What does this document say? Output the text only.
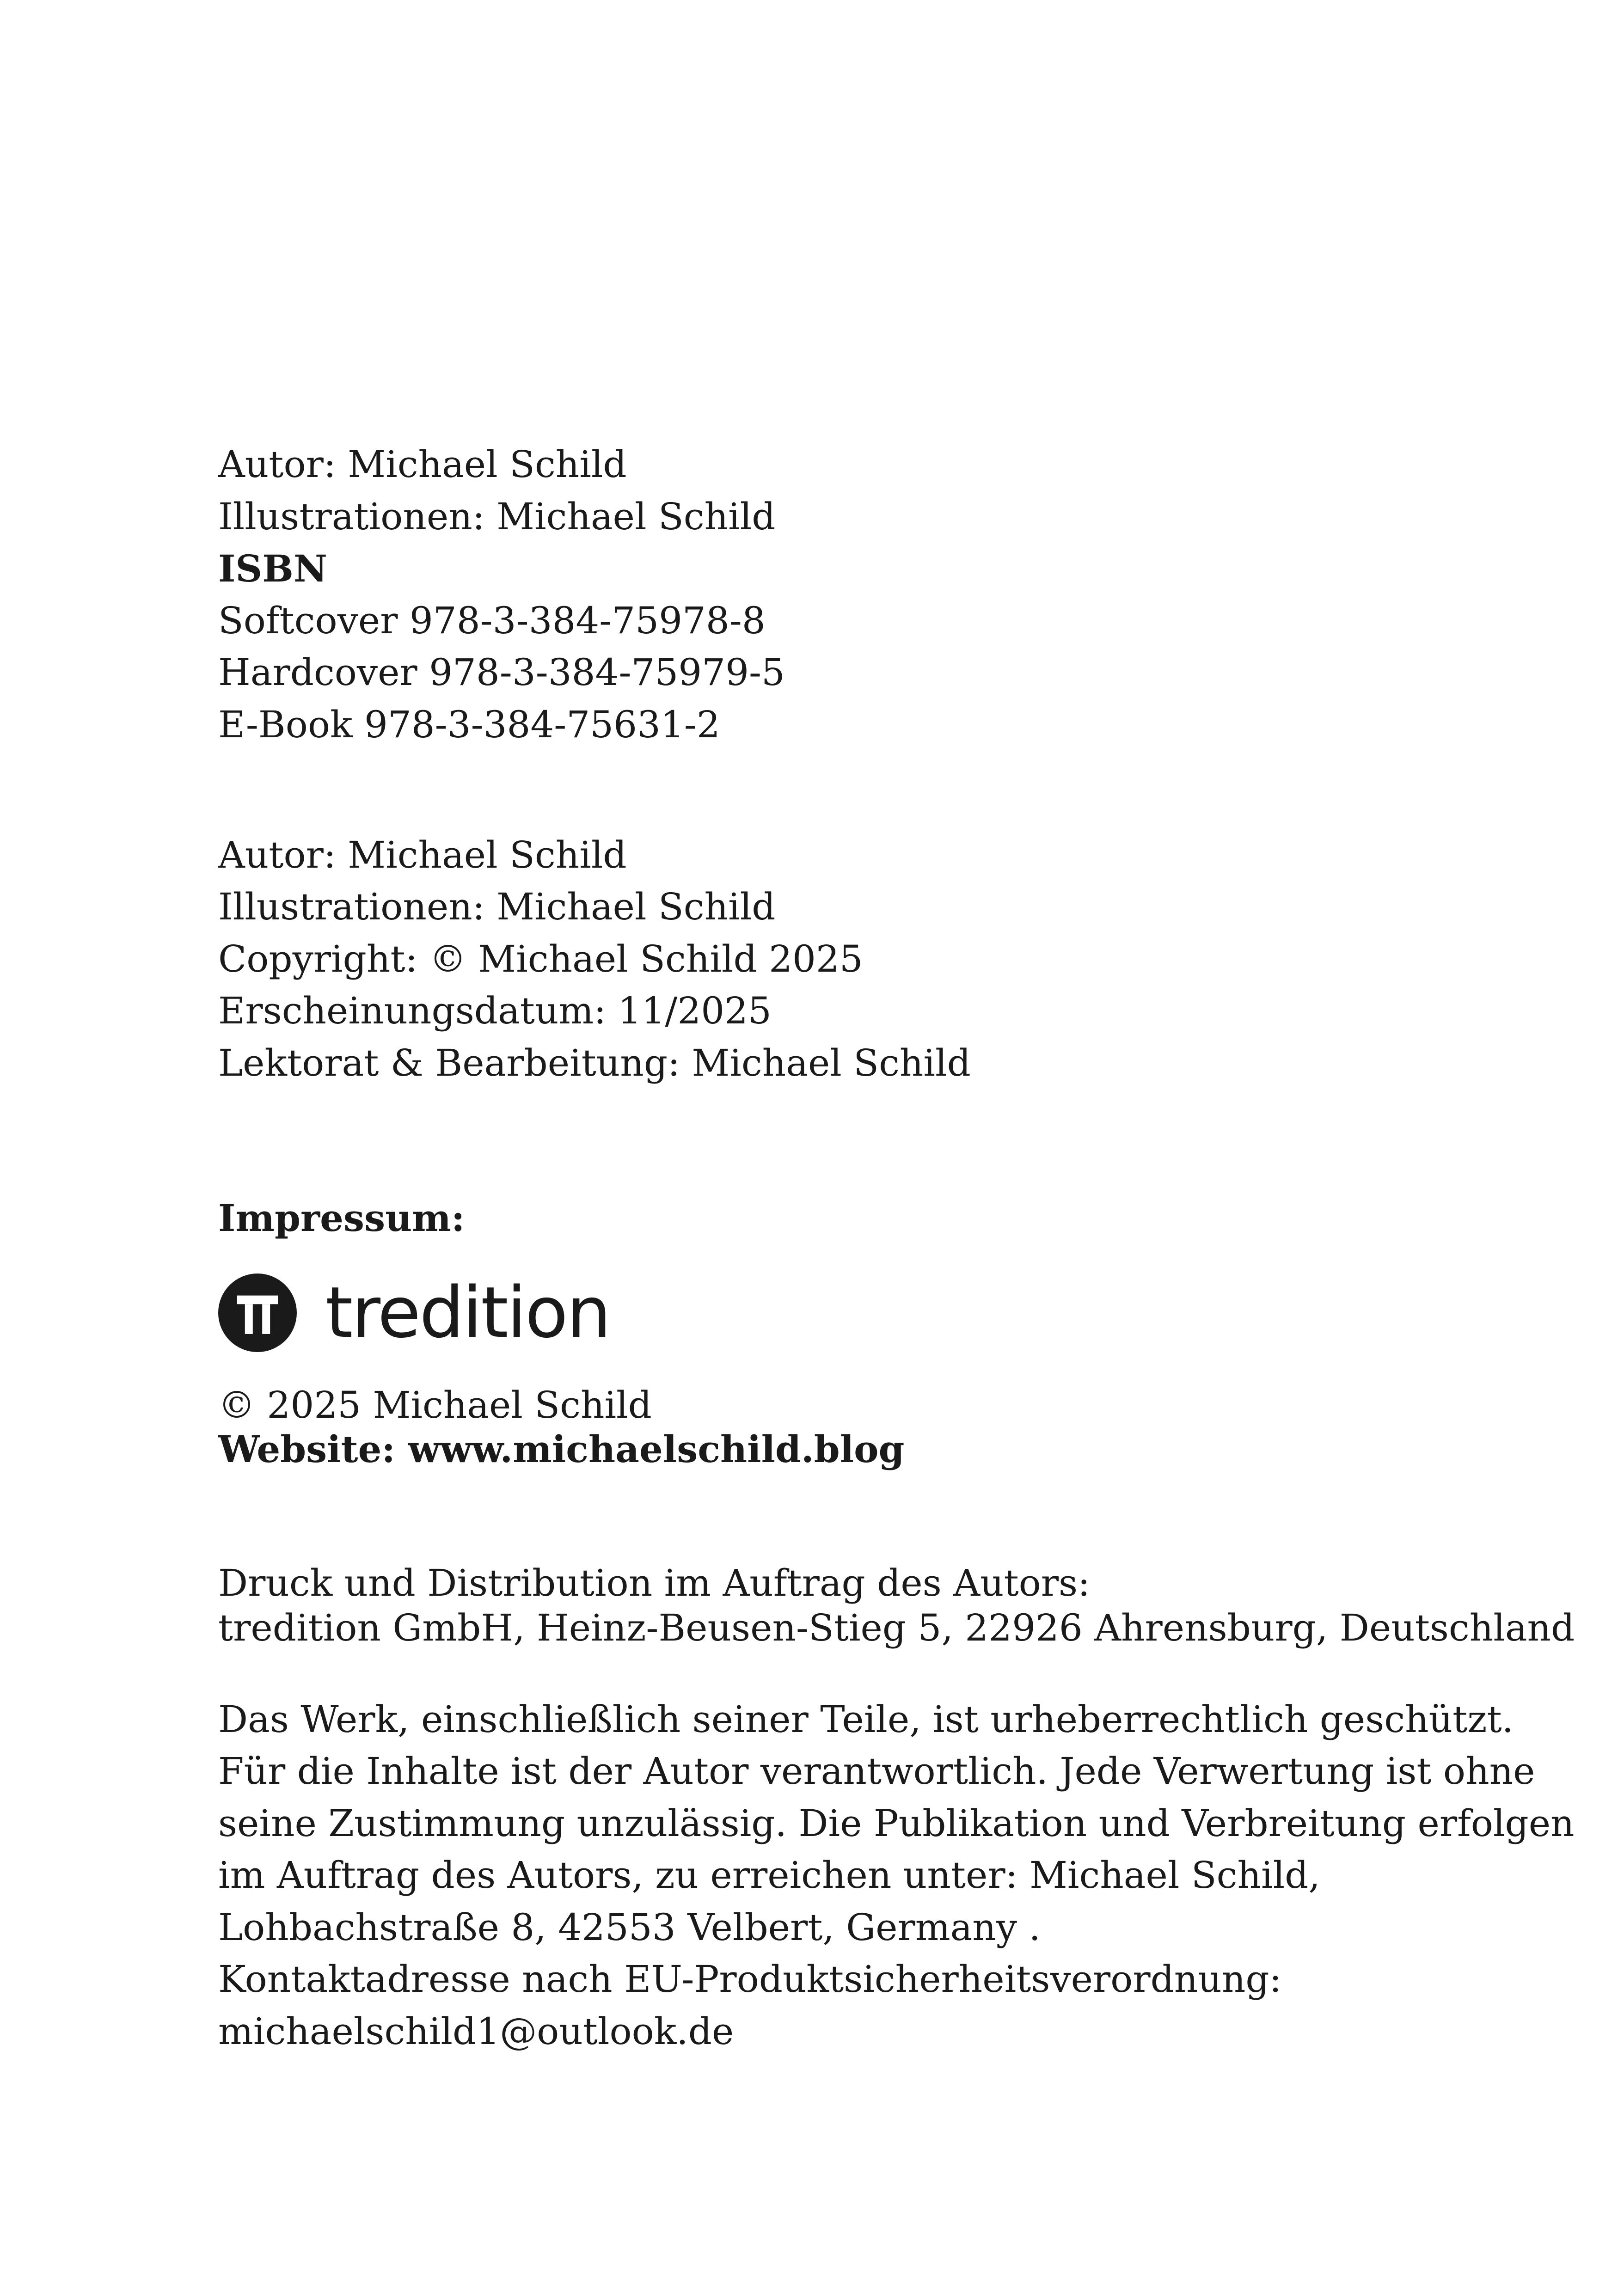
Autor: Michael Schild
Illustrationen: Michael Schild
ISBN
Softcover 978-3-384-75978-8
Hardcover 978-3-384-75979-5
E-Book 978-3-384-75631-2
Autor: Michael Schild
Illustrationen: Michael Schild
Copyright: © Michael Schild 2025
Erscheinungsdatum: 11/2025
Lektorat & Bearbeitung: Michael Schild
Impressum:
tredition
© 2025 Michael Schild
Website: www.michaelschild.blog
Druck und Distribution im Auftrag des Autors:
tredition GmbH, Heinz-Beusen-Stieg 5, 22926 Ahrensburg, Deutschland
Das Werk, einschließlich seiner Teile, ist urheberrechtlich geschützt.
Für die Inhalte ist der Autor verantwortlich. Jede Verwertung ist ohne
seine Zustimmung unzulässig. Die Publikation und Verbreitung erfolgen
im Auftrag des Autors, zu erreichen unter: Michael Schild,
Lohbachstraße 8, 42553 Velbert, Germany .
Kontaktadresse nach EU-Produktsicherheitsverordnung:
michaelschild1@outlook.de
